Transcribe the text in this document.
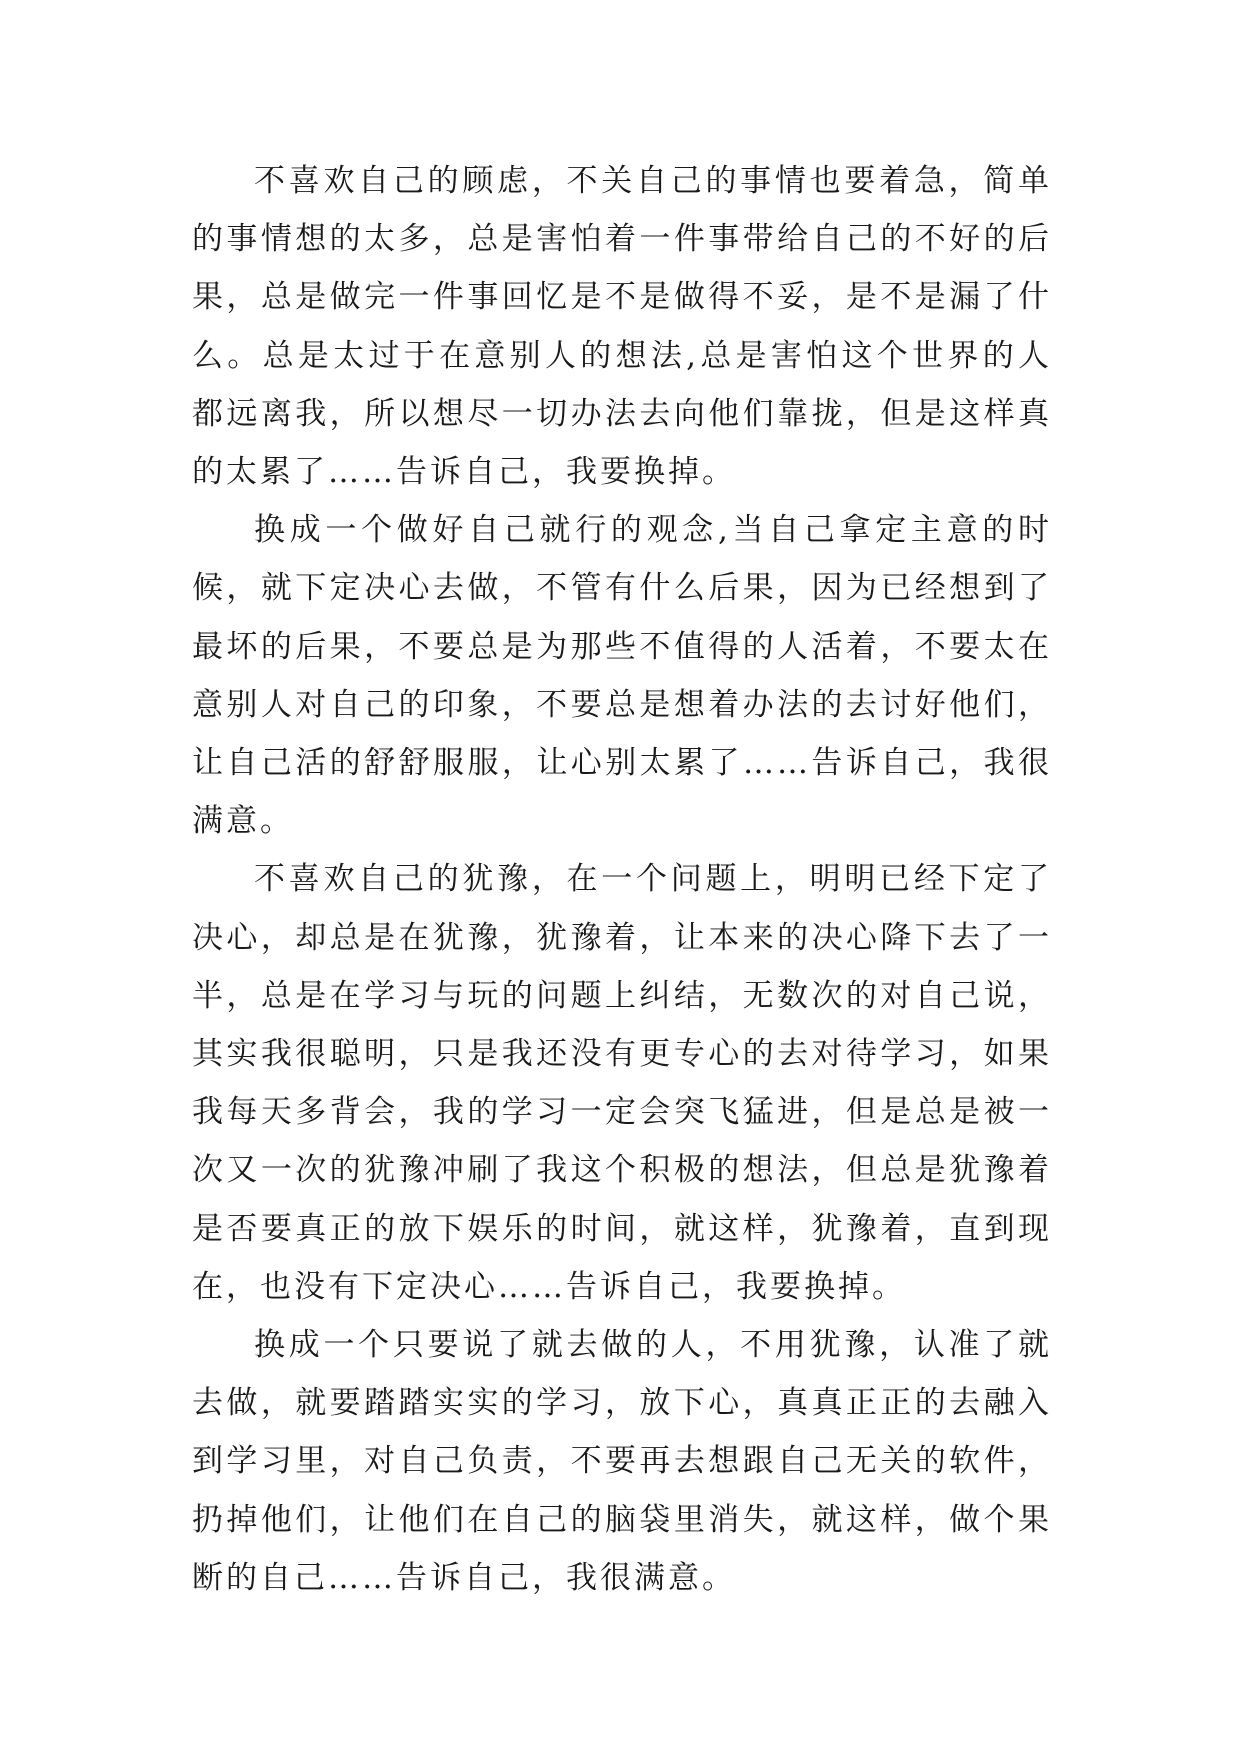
不喜欢自己的顾虑，不关自己的事情也要着急，简单的事情想的太多，总是害怕着一件事带给自己的不好的后果，总是做完一件事回忆是不是做得不妥，是不是漏了什么。总是太过于在意别人的想法,总是害怕这个世界的人都远离我，所以想尽一切办法去向他们靠拢，但是这样真的太累了……告诉自己，我要换掉。

换成一个做好自己就行的观念,当自己拿定主意的时候，就下定决心去做，不管有什么后果，因为已经想到了最坏的后果，不要总是为那些不值得的人活着，不要太在意别人对自己的印象，不要总是想着办法的去讨好他们，让自己活的舒舒服服，让心别太累了……告诉自己，我很满意。

不喜欢自己的犹豫，在一个问题上，明明已经下定了决心，却总是在犹豫，犹豫着，让本来的决心降下去了一半，总是在学习与玩的问题上纠结，无数次的对自己说，其实我很聪明，只是我还没有更专心的去对待学习，如果我每天多背会，我的学习一定会突飞猛进，但是总是被一次又一次的犹豫冲刷了我这个积极的想法，但总是犹豫着是否要真正的放下娱乐的时间，就这样，犹豫着，直到现在，也没有下定决心……告诉自己，我要换掉。

换成一个只要说了就去做的人，不用犹豫，认准了就去做，就要踏踏实实的学习，放下心，真真正正的去融入到学习里，对自己负责，不要再去想跟自己无关的软件，扔掉他们，让他们在自己的脑袋里消失，就这样，做个果断的自己……告诉自己，我很满意。
